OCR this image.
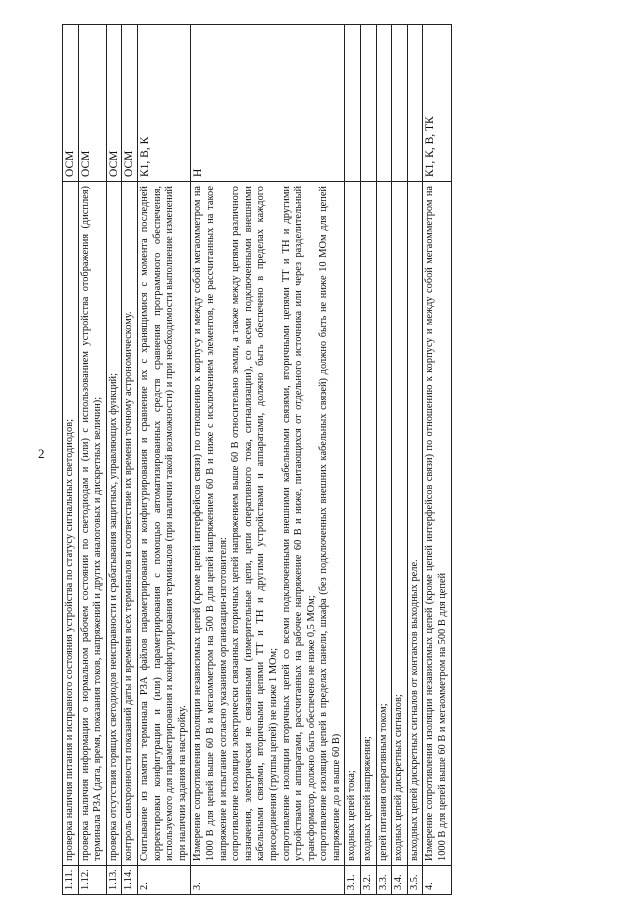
2
1.11.	проверка наличия питания и исправного состояния устройства по статусу сигнальных светодиодов;	ОСМ
1.12.	проверка наличия информации о нормальном рабочем состоянии по светодиодам и (или) с использованием устройства отображения (дисплея) терминала РЗА (дата, время, показания токов, напряжений и других аналоговых и дискретных величин);	ОСМ
1.13.	проверка отсутствия горящих светодиодов неисправности и срабатывания защитных, управляющих функций;	ОСМ
1.14.	контроль синхронности показаний даты и времени всех терминалов и соответствие их времени точному астрономическому.	ОСМ
2.	Считывание из памяти терминала РЗА файлов параметрирования и конфигурирования и сравнение их с хранящимися с момента последней корректировки конфигурации и (или) параметрирования с помощью автоматизированных средств сравнения программного обеспечения, используемого для параметрирования и конфигурирования терминалов (при наличии такой возможности) и при необходимости выполнение изменений при наличии задания на настройку.	К1, В, К
3.	Измерение сопротивления изоляции независимых цепей (кроме цепей интерфейсов связи) по отношению к корпусу и между собой мегаомметром на 1000 В для цепей выше 60 В и мегаомметром на 500 В для цепей напряжением 60 В и ниже с исключением элементов, не рассчитанных на такое напряжение и испытание согласно указаниям организации-изготовителя: сопротивление изоляции электрически связанных вторичных цепей напряжением выше 60 В относительно земли, а также между цепями различного назначения, электрически не связанными (измерительные цепи, цепи оперативного тока, сигнализации), со всеми подключенными внешними кабельными связями, вторичными цепями ТТ и ТН и другими устройствами и аппаратами, должно быть обеспечено в пределах каждого присоединения (группы цепей) не ниже 1 МОм; сопротивление изоляции вторичных цепей со всеми подключенными внешними кабельными связями, вторичными цепями ТТ и ТН и другими устройствами и аппаратами, рассчитанных на рабочее напряжение 60 В и ниже, питающихся от отдельного источника или через разделительный трансформатор, должно быть обеспечено не ниже 0,5 МОм; сопротивление изоляции цепей в пределах панели, шкафа (без подключенных внешних кабельных связей) должно быть не ниже 10 МОм для цепей напряжение до и выше 60 В)	Н
3.1.	входных цепей тока;	

3.2.	входных цепей напряжения;	

3.3.	цепей питания оперативным током;	

3.4.	входных цепей дискретных сигналов;	

3.5.	выходных цепей дискретных сигналов от контактов выходных реле.	

4.	Измерение сопротивления изоляции независимых цепей (кроме цепей интерфейсов связи) по отношению к корпусу и между собой мегаомметром на 1000 В для цепей выше 60 В и мегаомметром на 500 В для цепей	К1, К, В, ТК
